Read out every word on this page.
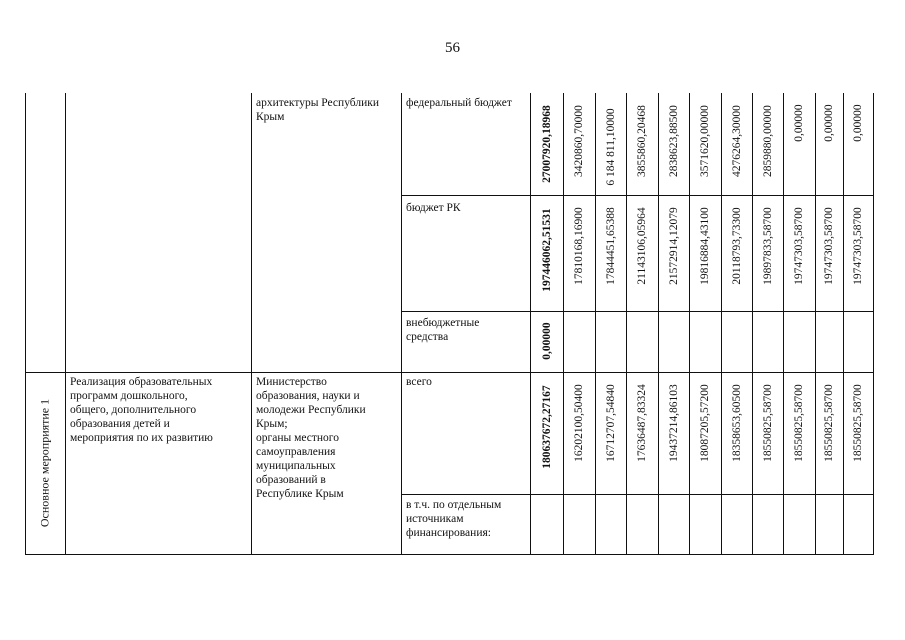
56
архитектуры Республики
Крым
федеральный бюджет
бюджет РК
внебюджетные
средства
Основное мероприятие 1
Реализация образовательных
программ дошкольного,
общего, дополнительного
образования детей и
мероприятия по их развитию
Министерство
образования, науки и
молодежи Республики
Крым;
органы местного
самоуправления
муниципальных
образований в
Республике Крым
всего
в т.ч. по отдельным
источникам
финансирования:
27007920,18968 3420860,70000 6 184 811,10000 3855860,20468 2838623,88500 3571620,00000 4276264,30000 2859880,00000 0,00000 0,00000 0,00000
197446062,51531 17810168,16900 17844451,65388 21143106,05964 21572914,12079 19816884,43100 20118793,73300 19897833,58700 19747303,58700 19747303,58700 19747303,58700
0,00000
180637672,27167 16202100,50400 16712707,54840 17636487,83324 19437214,86103 18087205,57200 18358653,60500 18550825,58700 18550825,58700 18550825,58700 18550825,58700
